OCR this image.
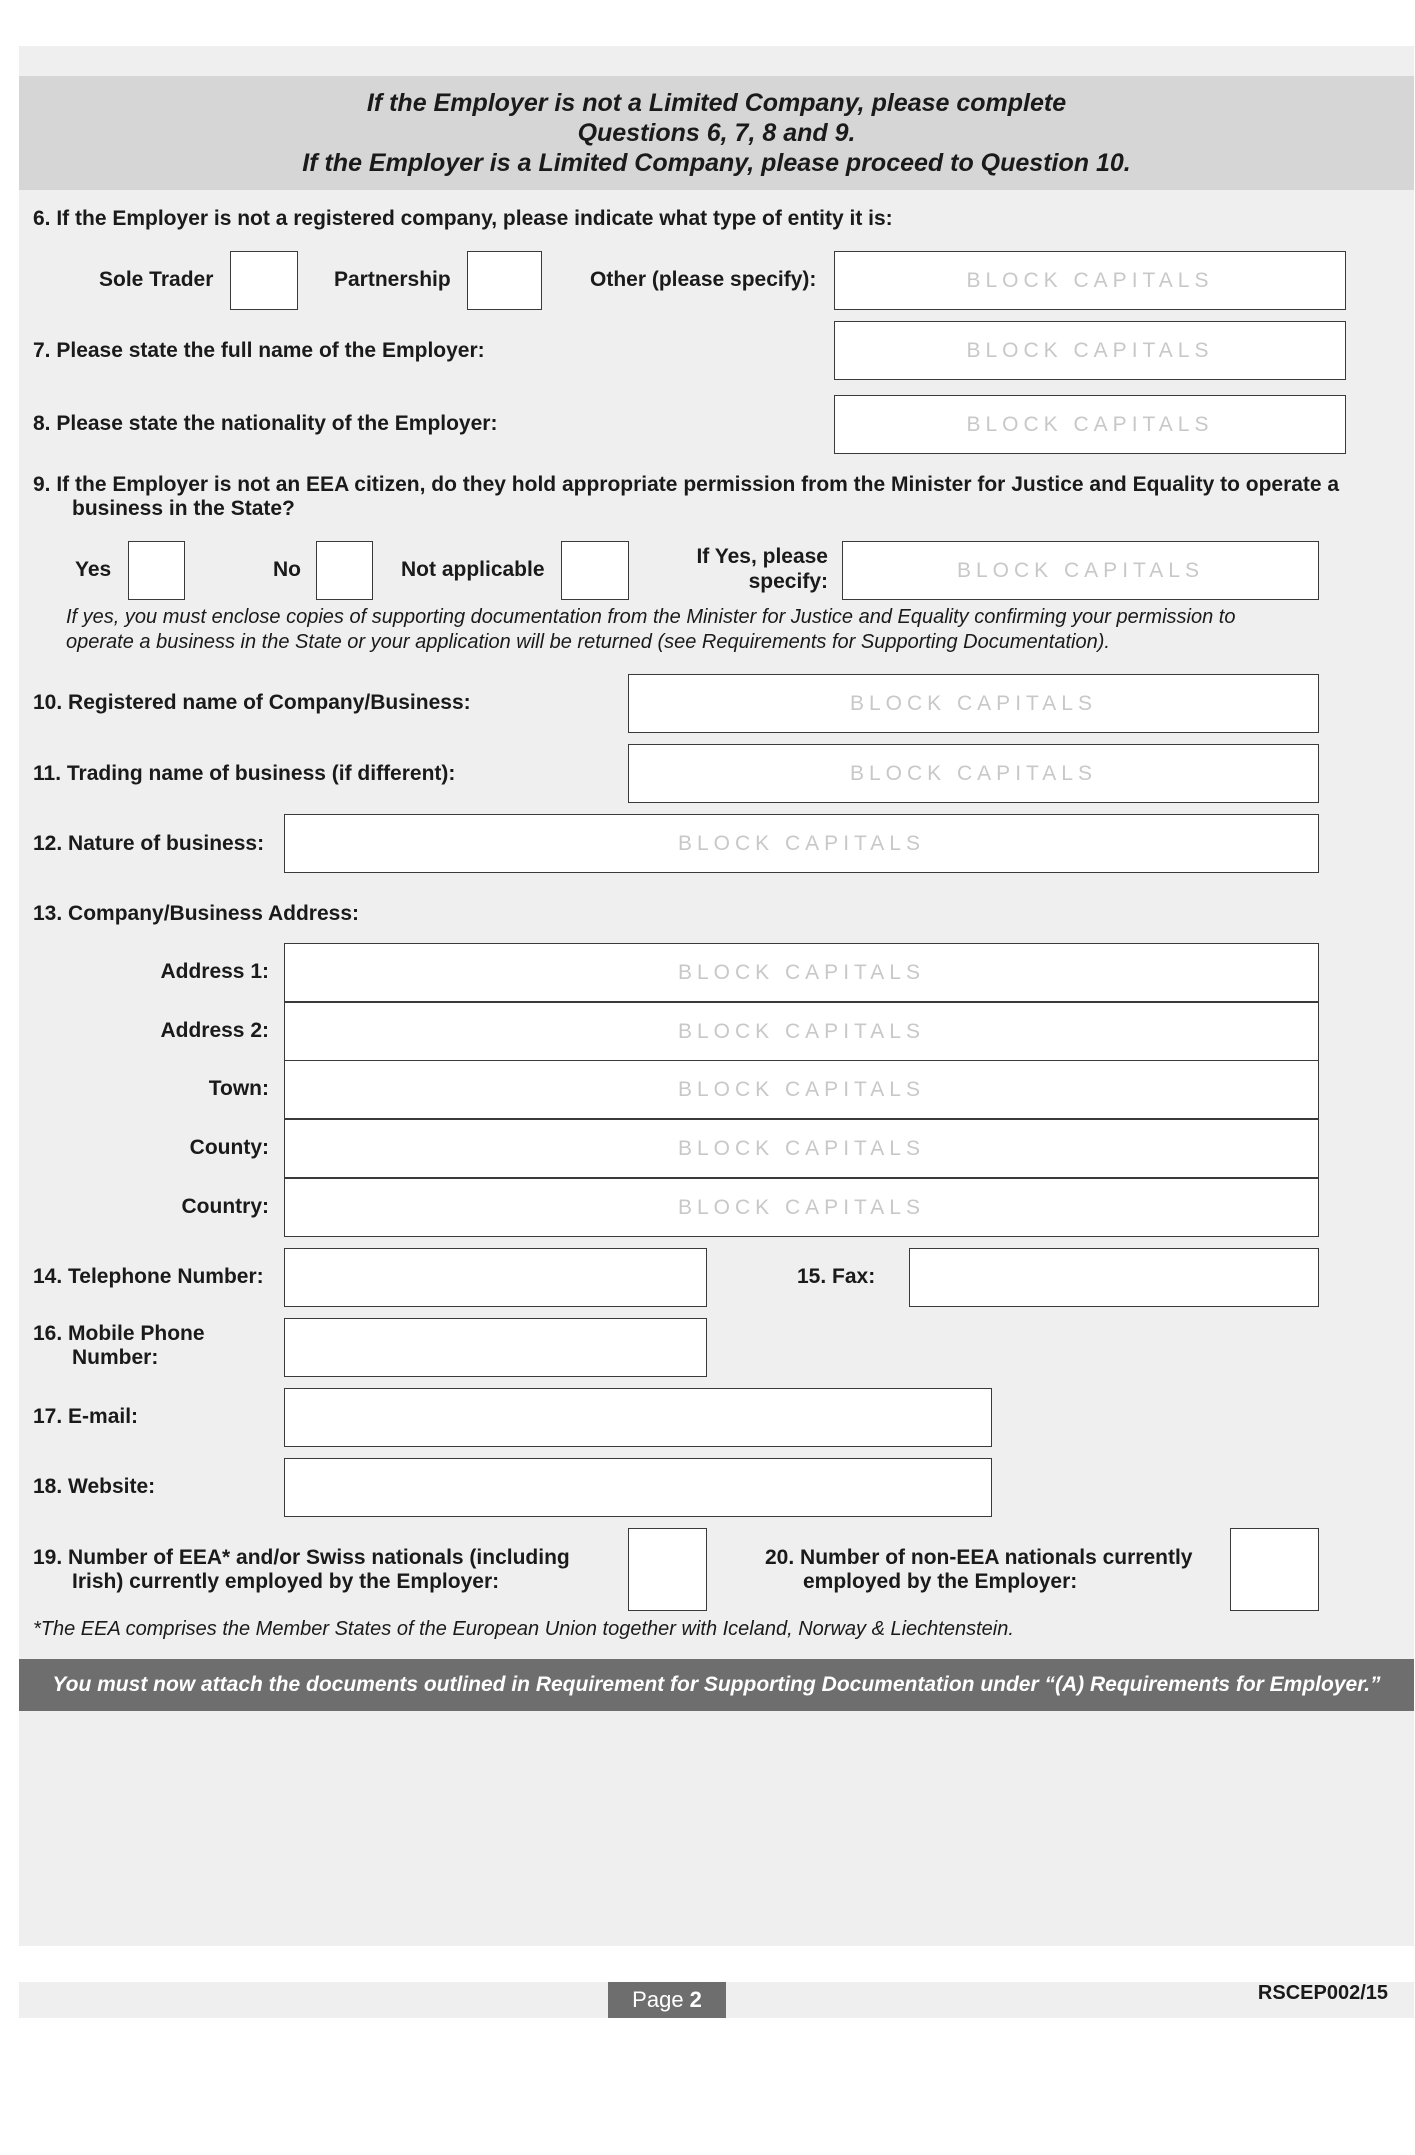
If the Employer is not a Limited Company, please complete
Questions 6, 7, 8 and 9.
If the Employer is a Limited Company, please proceed to Question 10.
6. If the Employer is not a registered company, please indicate what type of entity it is:
Sole Trader	Partnership	Other (please specify):	BLOCK CAPITALS
7. Please state the full name of the Employer:	BLOCK CAPITALS
8. Please state the nationality of the Employer:	BLOCK CAPITALS
9. If the Employer is not an EEA citizen, do they hold appropriate permission from the Minister for Justice and Equality to operate a
business in the State?
Yes	No	Not applicable
If Yes, please
specify:	BLOCK CAPITALS
If yes, you must enclose copies of supporting documentation from the Minister for Justice and Equality confirming your permission to
operate a business in the State or your application will be returned (see Requirements for Supporting Documentation).
10. Registered name of Company/Business:	BLOCK CAPITALS
11. Trading name of business (if different):	BLOCK CAPITALS
12. Nature of business:	BLOCK CAPITALS
13. Company/Business Address:
Address 1:	BLOCK CAPITALS
Address 2:	BLOCK CAPITALS
Town:	BLOCK CAPITALS
County:	BLOCK CAPITALS
Country:	BLOCK CAPITALS
14. Telephone Number:	15. Fax:
16. Mobile Phone
Number:
17. E-mail:
18. Website:
19. Number of EEA* and/or Swiss nationals (including
Irish) currently employed by the Employer:
20. Number of non-EEA nationals currently
employed by the Employer:
*The EEA comprises the Member States of the European Union together with Iceland, Norway & Liechtenstein.
You must now attach the documents outlined in Requirement for Supporting Documentation under “(A) Requirements for Employer.”
Page 2	RSCEP002/15
